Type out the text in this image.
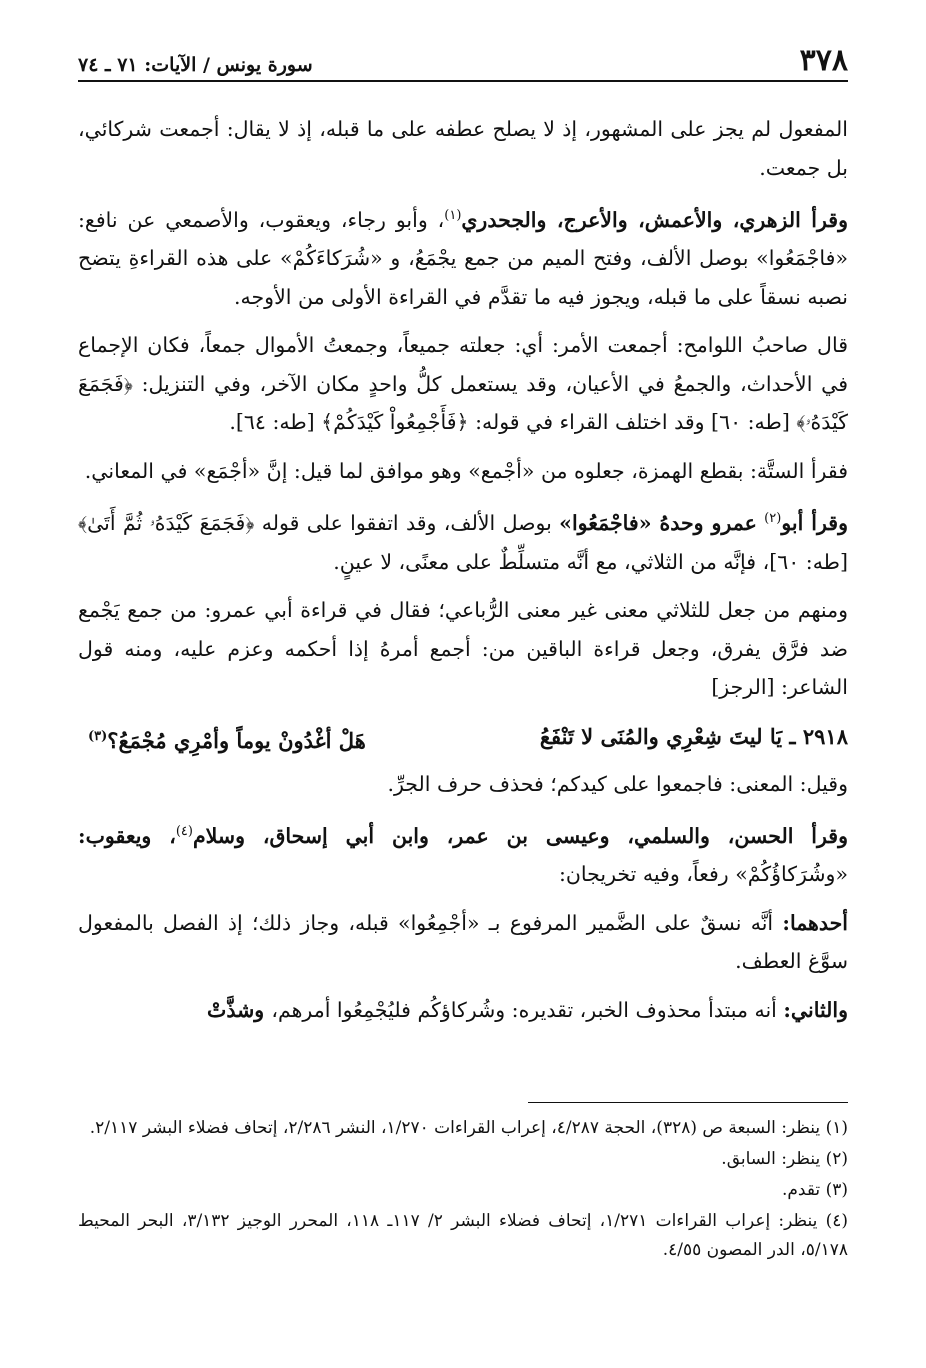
٣٧٨
سورة يونس / الآيات: ٧١ ـ ٧٤

المفعول لم يجز على المشهور، إذ لا يصلح عطفه على ما قبله، إذ لا يقال: أجمعت شركائي، بل جمعت.

وقرأ الزهري، والأعمش، والأعرج، والجحدري$^{(١)}$، وأبو رجاء، ويعقوب، والأصمعي عن نافع: «فاجْمَعُوا» بوصل الألف، وفتح الميم من جمع يجْمَعُ، و «شُرَكاءَكُمْ» على هذه القراءةِ يتضح نصبه نسقاً على ما قبله، ويجوز فيه ما تقدَّم في القراءة الأولى من الأوجه.

قال صاحبُ اللوامح: أجمعت الأمر: أي: جعلته جميعاً، وجمعتُ الأموال جمعاً، فكان الإجماع في الأحداث، والجمعُ في الأعيان، وقد يستعمل كلُّ واحدٍ مكان الآخر، وفي التنزيل: ﴿فَجَمَعَ كَيْدَهُۥ﴾ [طه: ٦٠] وقد اختلف القراء في قوله: ﴿فَأَجْمِعُواْ كَيْدَكُمْ﴾ [طه: ٦٤].

فقرأ الستَّة: بقطع الهمزة، جعلوه من «أجْمع» وهو موافق لما قيل: إنَّ «أجْمَع» في المعاني.

وقرأ أبو$^{(٢)}$ عمرو وحدهُ «فاجْمَعُوا» بوصل الألف، وقد اتفقوا على قوله ﴿فَجَمَعَ كَيْدَهُۥ ثُمَّ أَتَىٰ﴾ [طه: ٦٠]، فإنَّه من الثلاثي، مع أنَّه متسلِّطٌ على معنًى، لا عينٍ.

ومنهم من جعل للثلاثي معنى غير معنى الرُّباعي؛ فقال في قراءة أبي عمرو: من جمع يَجْمع ضد فرَّق يفرق، وجعل قراءة الباقين من: أجمع أمرهُ إذا أحكمه وعزم عليه، ومنه قول الشاعر: [الرجز]

٢٩١٨ ـ يَا ليتَ شِعْرِي والمُنَى لا تَنْفَعُ
هَلْ أغْدُونْ يوماً وأمْرِي مُجْمَعُ؟$^{(٣)}$

وقيل: المعنى: فاجمعوا على كيدكم؛ فحذف حرف الجرِّ.

وقرأ الحسن، والسلمي، وعيسى بن عمر، وابن أبي إسحاق، وسلام$^{(٤)}$، ويعقوب: «وشُرَكاؤُكُمْ» رفعاً، وفيه تخريجان:

أحدهما: أنَّه نسقٌ على الضَّمير المرفوع بـ «أجْمِعُوا» قبله، وجاز ذلك؛ إذ الفصل بالمفعول سوَّغ العطف.

والثاني: أنه مبتدأ محذوف الخبر، تقديره: وشُركاؤكُم فليُجْمِعُوا أمرهم، وشذَّتْ

(١) ينظر: السبعة ص (٣٢٨)، الحجة ٤/٢٨٧، إعراب القراءات ١/٢٧٠، النشر ٢/٢٨٦، إتحاف فضلاء البشر ٢/١١٧.

(٢) ينظر: السابق.

(٣) تقدم.

(٤) ينظر: إعراب القراءات ١/٢٧١، إتحاف فضلاء البشر ٢/ ١١٧ـ ١١٨، المحرر الوجيز ٣/١٣٢، البحر المحيط ٥/١٧٨، الدر المصون ٤/٥٥.
